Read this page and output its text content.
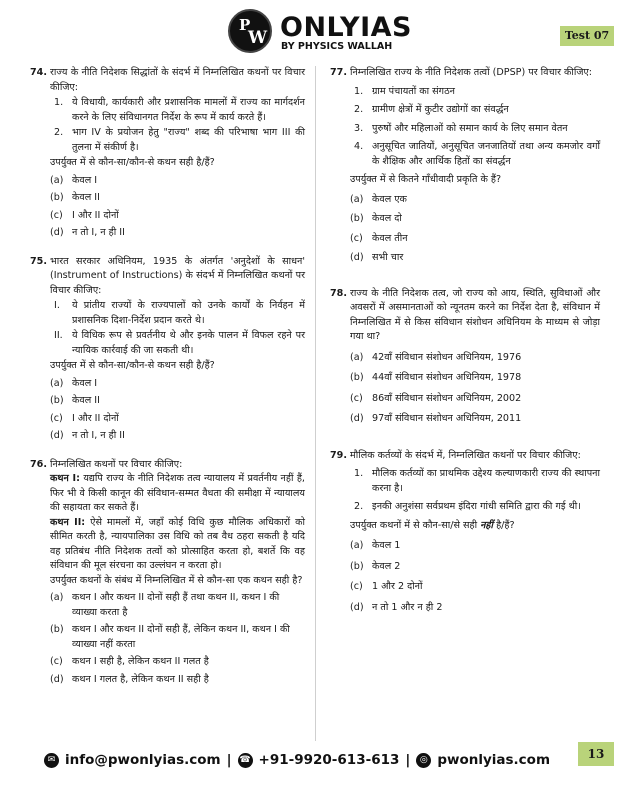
P
W ONLYIAS
BY PHYSICS WALLAH
Test 07
74. राज्य के नीति निदेशक सिद्धांतों के संदर्भ में निम्नलिखित कथनों पर विचार कीजिए:
1. ये विधायी, कार्यकारी और प्रशासनिक मामलों में राज्य का मार्गदर्शन करने के लिए संविधानगत निर्देश के रूप में कार्य करते हैं।
2. भाग IV के प्रयोजन हेतु "राज्य" शब्द की परिभाषा भाग III की तुलना में संकीर्ण है।
उपर्युक्त में से कौन-सा/कौन-से कथन सही है/हैं?
(a) केवल I
(b) केवल II
(c) I और II दोनों
(d) न तो I, न ही II
75. भारत सरकार अधिनियम, 1935 के अंतर्गत 'अनुदेशों के साधन' (Instrument of Instructions) के संदर्भ में निम्नलिखित कथनों पर विचार कीजिए:
I.	ये प्रांतीय राज्यों के राज्यपालों को उनके कार्यों के निर्वहन में प्रशासनिक दिशा-निर्देश प्रदान करते थे।
II. ये विधिक रूप से प्रवर्तनीय थे और इनके पालन में विफल रहने पर न्यायिक कार्रवाई की जा सकती थी।
उपर्युक्त में से कौन-सा/कौन-से कथन सही है/हैं?
(a) केवल I
(b) केवल II
(c) I और II दोनों
(d) न तो I, न ही II
76. निम्नलिखित कथनों पर विचार कीजिए:
कथन I: यद्यपि राज्य के नीति निदेशक तत्व न्यायालय में प्रवर्तनीय नहीं हैं, फिर भी वे किसी कानून की संविधान-सम्मत वैधता की समीक्षा में न्यायालय की सहायता कर सकते हैं।
कथन II: ऐसे मामलों में, जहाँ कोई विधि कुछ मौलिक अधिकारों को सीमित करती है, न्यायपालिका उस विधि को तब वैध ठहरा सकती है यदि वह प्रतिबंध नीति निदेशक तत्वों को प्रोत्साहित करता हो, बशर्ते कि वह संविधान की मूल संरचना का उल्लंघन न करता हो।
उपर्युक्त कथनों के संबंध में निम्नलिखित में से कौन-सा एक कथन सही है?
(a) कथन I और कथन II दोनों सही हैं तथा कथन II, कथन I की व्याख्या करता है
(b) कथन I और कथन II दोनों सही हैं, लेकिन कथन II, कथन I की व्याख्या नहीं करता
(c) कथन I सही है, लेकिन कथन II गलत है
(d) कथन I गलत है, लेकिन कथन II सही है
77. निम्नलिखित राज्य के नीति निदेशक तत्वों (DPSP) पर विचार कीजिए:
1. ग्राम पंचायतों का संगठन
2. ग्रामीण क्षेत्रों में कुटीर उद्योगों का संवर्द्धन
3. पुरुषों और महिलाओं को समान कार्य के लिए समान वेतन
4. अनुसूचित जातियों, अनुसूचित जनजातियों तथा अन्य कमजोर वर्गों के शैक्षिक और आर्थिक हितों का संवर्द्धन
उपर्युक्त में से कितने गाँधीवादी प्रकृति के हैं?
(a) केवल एक
(b) केवल दो
(c) केवल तीन
(d) सभी चार
78. राज्य के नीति निदेशक तत्व, जो राज्य को आय, स्थिति, सुविधाओं और अवसरों में असमानताओं को न्यूनतम करने का निर्देश देता है, संविधान में निम्नलिखित में से किस संविधान संशोधन अधिनियम के माध्यम से जोड़ा गया था?
(a) 42वाँ संविधान संशोधन अधिनियम, 1976
(b) 44वाँ संविधान संशोधन अधिनियम, 1978
(c) 86वाँ संविधान संशोधन अधिनियम, 2002
(d) 97वाँ संविधान संशोधन अधिनियम, 2011
79. मौलिक कर्तव्यों के संदर्भ में, निम्नलिखित कथनों पर विचार कीजिए:
1. मौलिक कर्तव्यों का प्राथमिक उद्देश्य कल्याणकारी राज्य की स्थापना करना है।
2. इनकी अनुशंसा सर्वप्रथम इंदिरा गांधी समिति द्वारा की गई थी।
उपर्युक्त कथनों में से कौन-सा/से सही नहीं है/हैं?
(a) केवल 1
(b) केवल 2
(c) 1 और 2 दोनों
(d) न तो 1 और न ही 2
✉ info@pwonlyias.com | ☎ +91-9920-613-613 |	◎ pwonlyias.com	13
